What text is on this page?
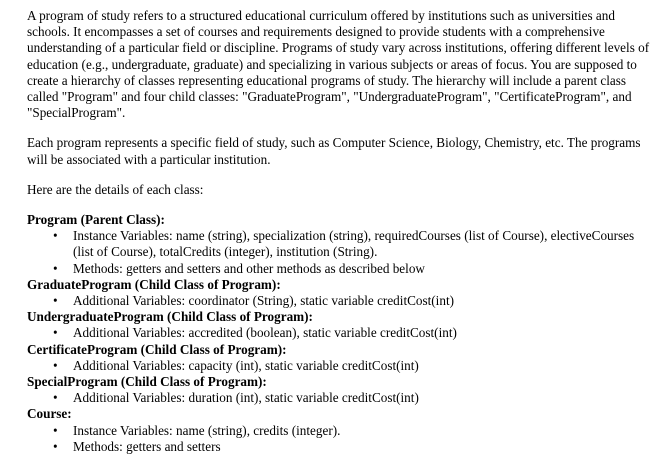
A program of study refers to a structured educational curriculum offered by institutions such as universities and schools. It encompasses a set of courses and requirements designed to provide students with a comprehensive understanding of a particular field or discipline. Programs of study vary across institutions, offering different levels of education (e.g., undergraduate, graduate) and specializing in various subjects or areas of focus. You are supposed to create a hierarchy of classes representing educational programs of study. The hierarchy will include a parent class called "Program" and four child classes: "GraduateProgram", "UndergraduateProgram", "CertificateProgram", and "SpecialProgram".

Each program represents a specific field of study, such as Computer Science, Biology, Chemistry, etc. The programs will be associated with a particular institution.

Here are the details of each class:

Program (Parent Class):

• Instance Variables: name (string), specialization (string), requiredCourses (list of Course), electiveCourses (list of Course), totalCredits (integer), institution (String).
• Methods: getters and setters and other methods as described below

GraduateProgram (Child Class of Program):

• Additional Variables: coordinator (String), static variable creditCost(int)

UndergraduateProgram (Child Class of Program):

• Additional Variables: accredited (boolean), static variable creditCost(int)

CertificateProgram (Child Class of Program):

• Additional Variables: capacity (int), static variable creditCost(int)

SpecialProgram (Child Class of Program):

• Additional Variables: duration (int), static variable creditCost(int)

Course:

• Instance Variables: name (string), credits (integer).
• Methods: getters and setters
